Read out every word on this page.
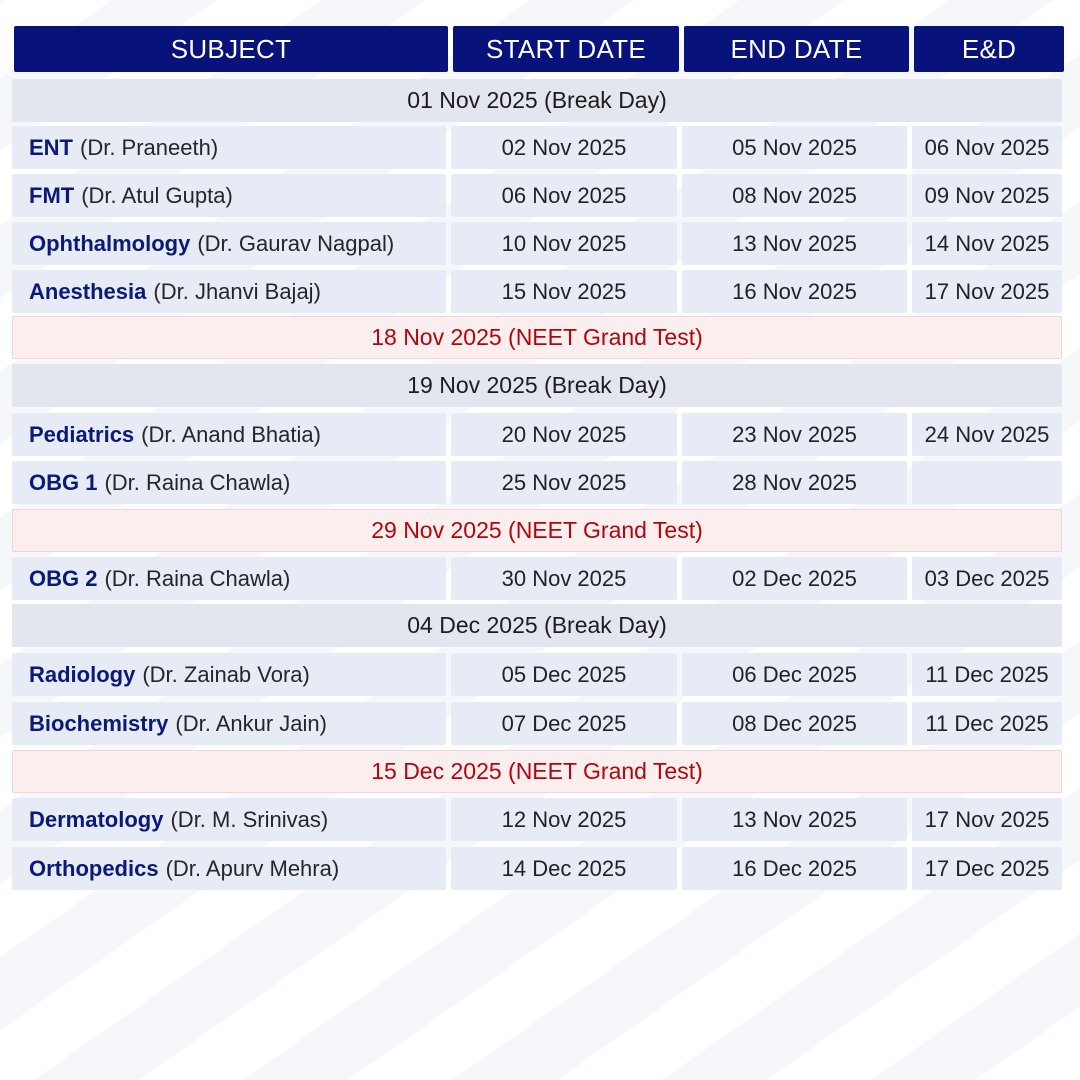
SUBJECT	START DATE	END DATE	E&D
01 Nov 2025 (Break Day)
ENT (Dr. Praneeth)	02 Nov 2025	05 Nov 2025	06 Nov 2025
FMT (Dr. Atul Gupta)	06 Nov 2025	08 Nov 2025	09 Nov 2025
Ophthalmology (Dr. Gaurav Nagpal)	10 Nov 2025	13 Nov 2025	14 Nov 2025
Anesthesia (Dr. Jhanvi Bajaj)	15 Nov 2025	16 Nov 2025	17 Nov 2025
18 Nov 2025 (NEET Grand Test)
19 Nov 2025 (Break Day)
Pediatrics (Dr. Anand Bhatia)	20 Nov 2025	23 Nov 2025	24 Nov 2025
OBG 1 (Dr. Raina Chawla)	25 Nov 2025	28 Nov 2025
29 Nov 2025 (NEET Grand Test)
OBG 2 (Dr. Raina Chawla)	30 Nov 2025	02 Dec 2025	03 Dec 2025
04 Dec 2025 (Break Day)
Radiology (Dr. Zainab Vora)	05 Dec 2025	06 Dec 2025	11 Dec 2025
Biochemistry (Dr. Ankur Jain)	07 Dec 2025	08 Dec 2025	11 Dec 2025
15 Dec 2025 (NEET Grand Test)
Dermatology (Dr. M. Srinivas)	12 Nov 2025	13 Nov 2025	17 Nov 2025
Orthopedics (Dr. Apurv Mehra)	14 Dec 2025	16 Dec 2025	17 Dec 2025
